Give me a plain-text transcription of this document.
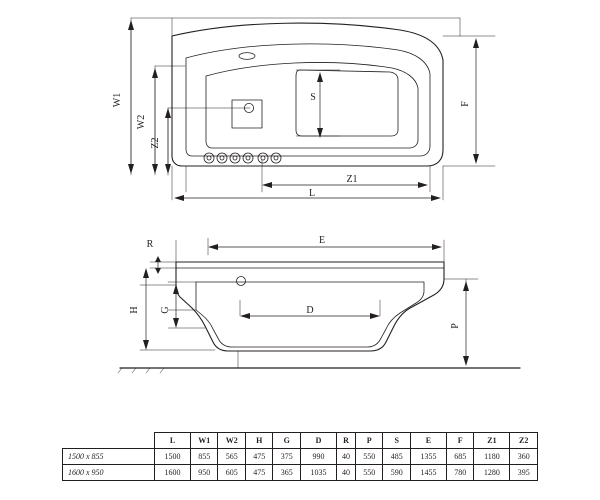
W1
W2
Z2
S
F
Z1
L
R	E
H G	D
P
	L	W1	W2	H	G	D	R	P	S	E	F	Z1	Z2
1500 x 855	1500	855	565	475	375	990	40	550	485	1355	685	1180	360
1600 x 950	1600	950	605	475	365	1035	40	550	590	1455	780	1280	395
